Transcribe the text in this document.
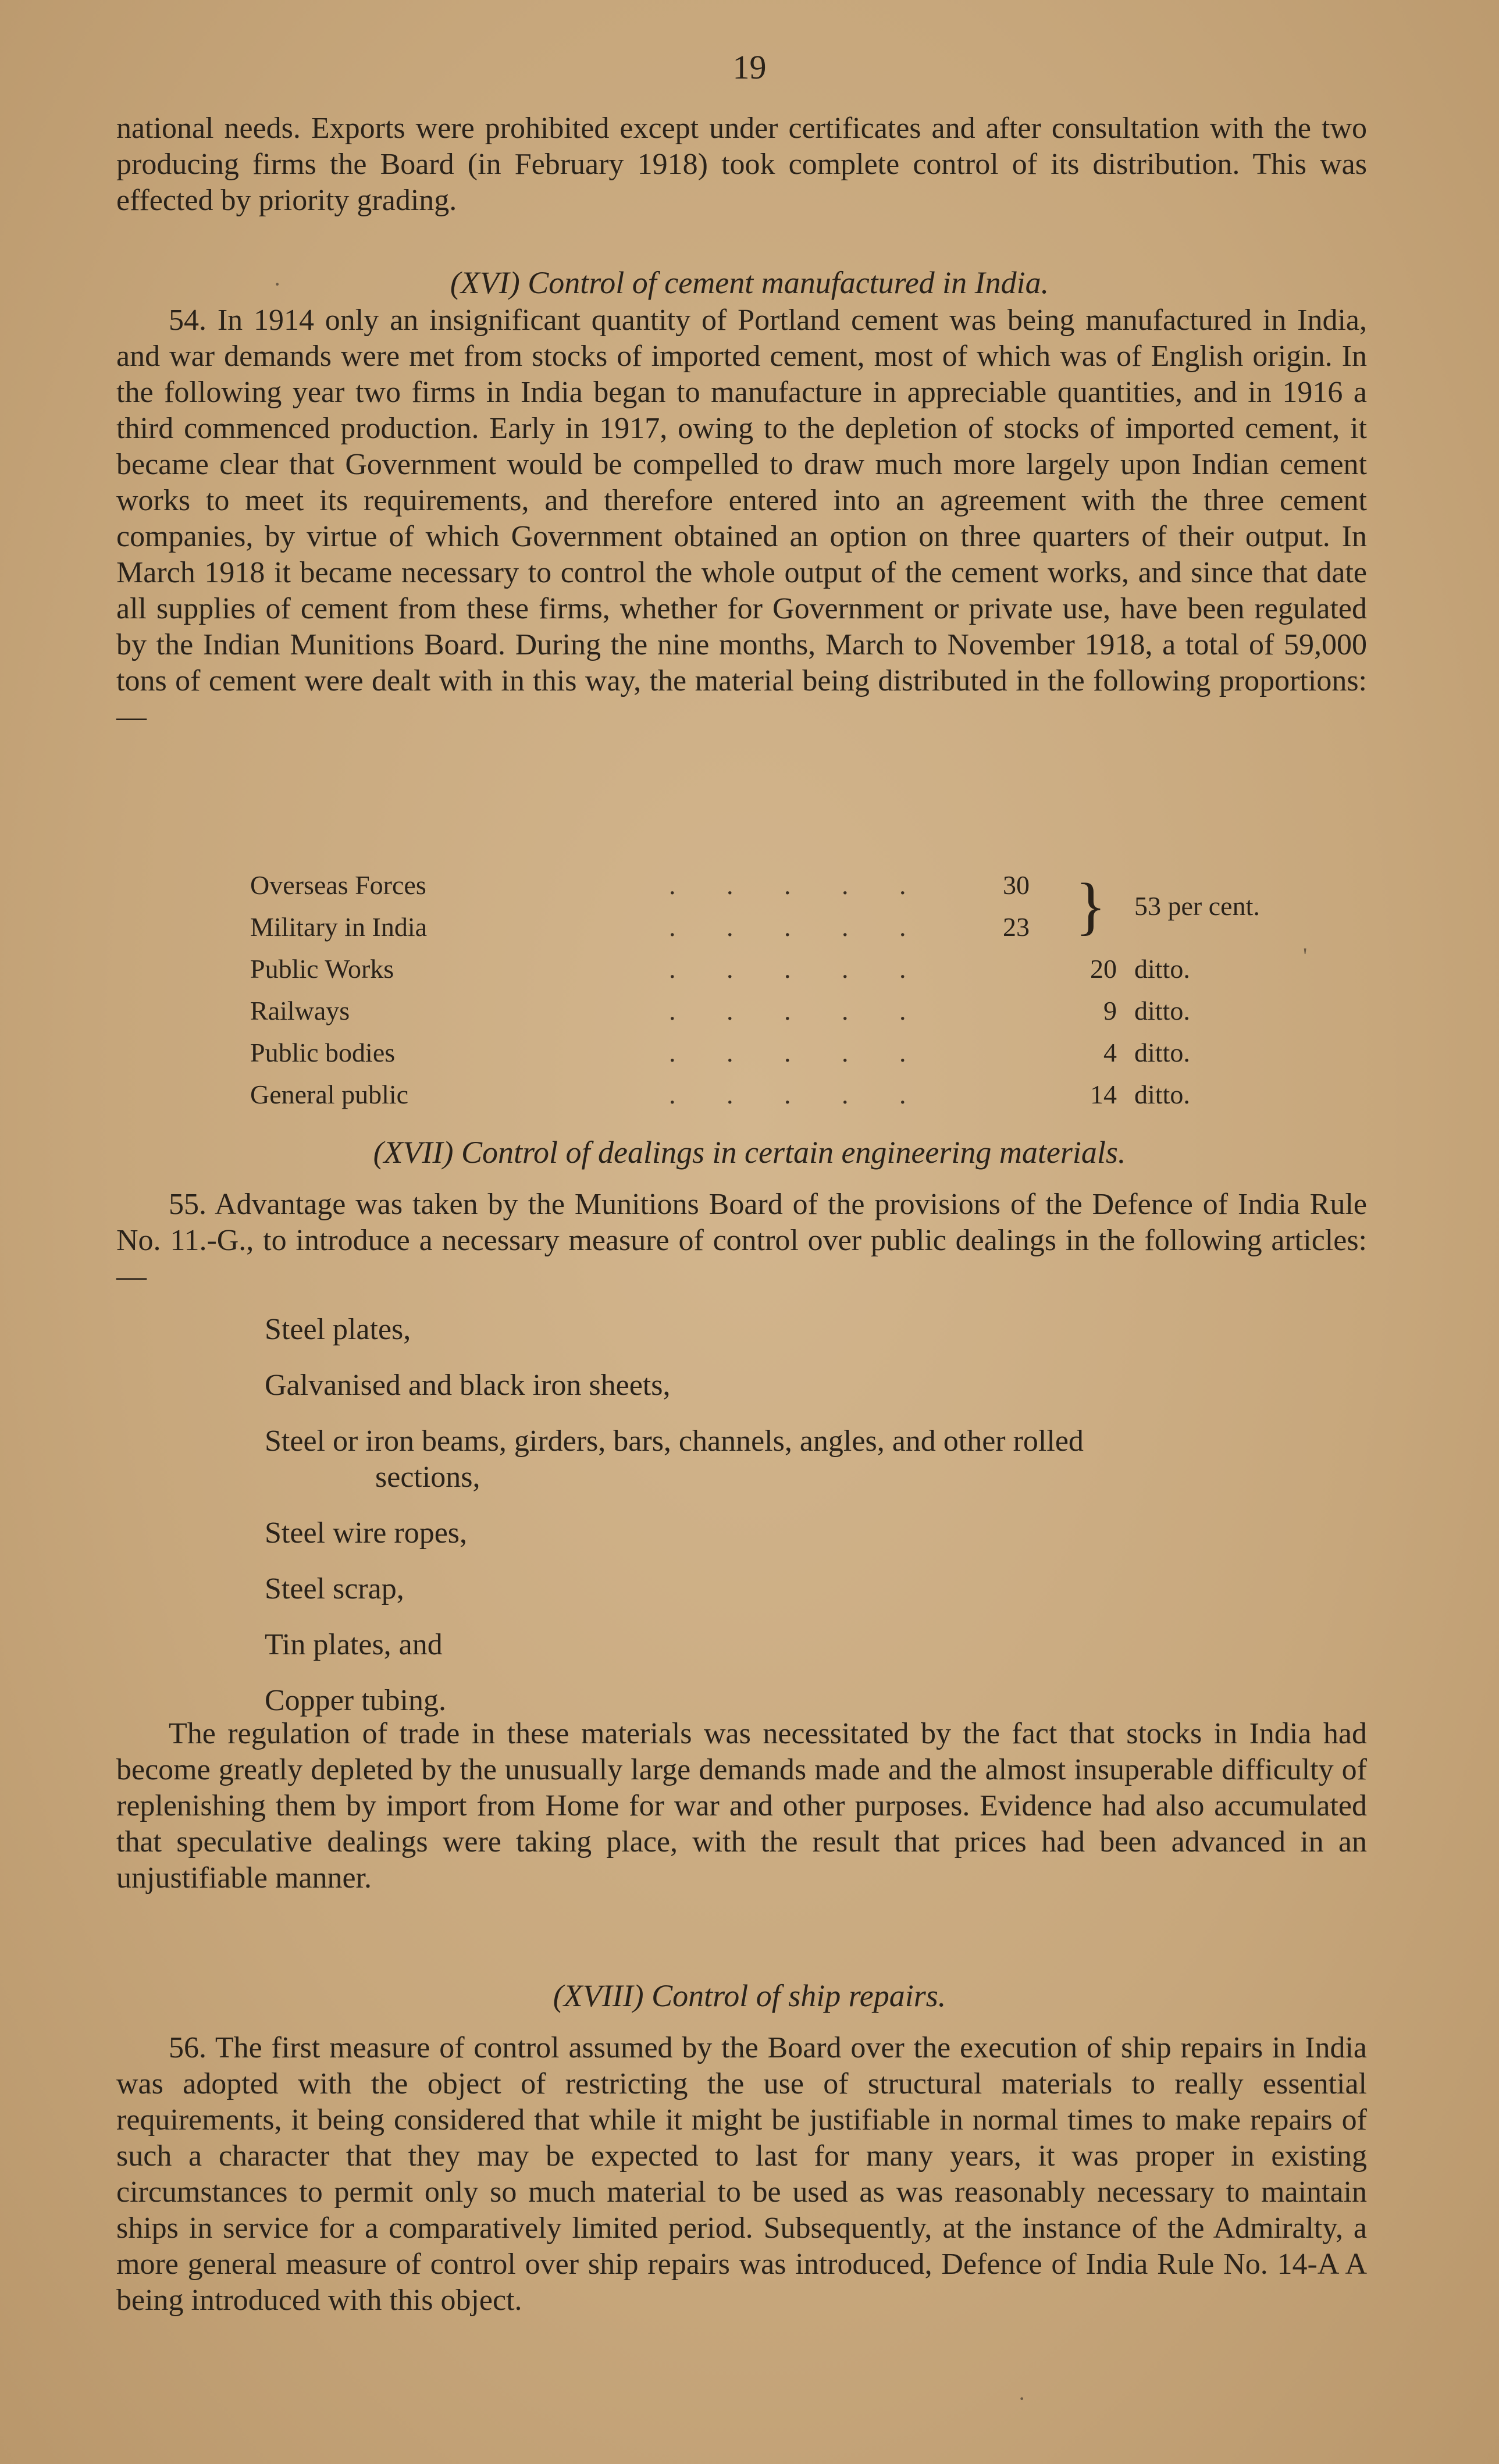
19

national needs. Exports were prohibited except under certificates and after consultation with the two producing firms the Board (in February 1918) took complete control of its distribution. This was effected by priority grading.

(XVI) Control of cement manufactured in India.

54. In 1914 only an insignificant quantity of Portland cement was being manufactured in India, and war demands were met from stocks of imported cement, most of which was of English origin. In the following year two firms in India began to manufacture in appreciable quantities, and in 1916 a third commenced production. Early in 1917, owing to the depletion of stocks of imported cement, it became clear that Government would be compelled to draw much more largely upon Indian cement works to meet its requirements, and therefore entered into an agreement with the three cement companies, by virtue of which Government obtained an option on three quarters of their output. In March 1918 it became necessary to control the whole output of the cement works, and since that date all supplies of cement from these firms, whether for Government or private use, have been regulated by the Indian Munitions Board. During the nine months, March to November 1918, a total of 59,000 tons of cement were dealt with in this way, the material being distributed in the following proportions:—

Overseas Forces	. . . . .	30	}	53 per cent.
Military in India	. . . . .	23		
Public Works	. . . . .		20	ditto.
Railways	. . . . .		9	ditto.
Public bodies	. . . . .		4	ditto.
General public	. . . . .		14	ditto.
(XVII) Control of dealings in certain engineering materials.

55. Advantage was taken by the Munitions Board of the provisions of the Defence of India Rule No. 11.-G., to introduce a necessary measure of control over public dealings in the following articles:—

Steel plates,
Galvanised and black iron sheets,
Steel or iron beams, girders, bars, channels, angles, and other rolled
sections,
Steel wire ropes,
Steel scrap,
Tin plates, and
Copper tubing.

The regulation of trade in these materials was necessitated by the fact that stocks in India had become greatly depleted by the unusually large demands made and the almost insuperable difficulty of replenishing them by import from Home for war and other purposes. Evidence had also accumulated that speculative dealings were taking place, with the result that prices had been advanced in an unjustifiable manner.

(XVIII) Control of ship repairs.

56. The first measure of control assumed by the Board over the execution of ship repairs in India was adopted with the object of restricting the use of structural materials to really essential requirements, it being considered that while it might be justifiable in normal times to make repairs of such a character that they may be expected to last for many years, it was proper in existing circumstances to permit only so much material to be used as was reasonably necessary to maintain ships in service for a comparatively limited period. Subsequently, at the instance of the Admiralty, a more general measure of control over ship repairs was introduced, Defence of India Rule No. 14-A A being introduced with this object.

·
'
·
